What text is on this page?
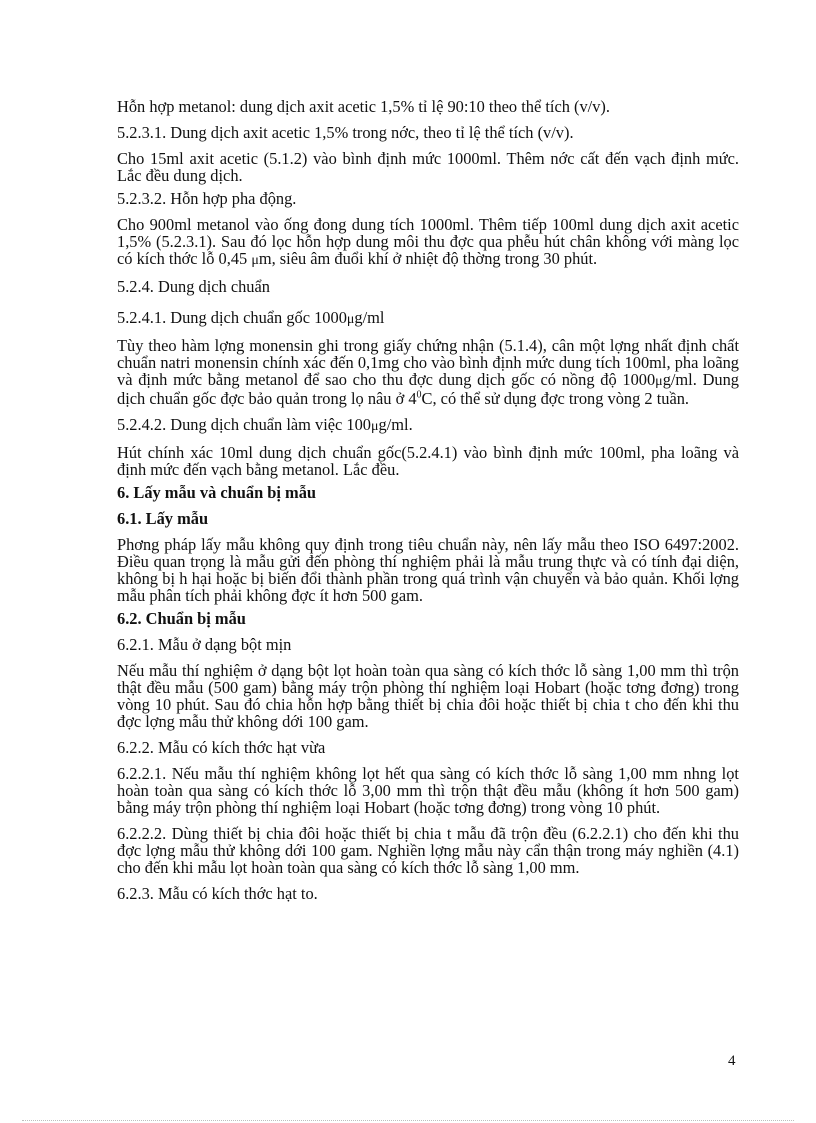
Hỗn hợp metanol: dung dịch axit acetic 1,5% tỉ lệ 90:10 theo thể tích (v/v).

5.2.3.1. Dung dịch axit acetic 1,5% trong nớc, theo tỉ lệ thể tích (v/v).

Cho 15ml axit acetic (5.1.2) vào bình định mức 1000ml. Thêm nớc cất đến vạch định mức. Lắc đều dung dịch.

5.2.3.2. Hỗn hợp pha động.

Cho 900ml metanol vào ống đong dung tích 1000ml. Thêm tiếp 100ml dung dịch axit acetic 1,5% (5.2.3.1). Sau đó lọc hỗn hợp dung môi thu đợc qua phễu hút chân không với màng lọc có kích thớc lỗ 0,45 μm, siêu âm đuổi khí ở nhiệt độ thờng trong 30 phút.

5.2.4. Dung dịch chuẩn

5.2.4.1. Dung dịch chuẩn gốc 1000μg/ml

Tùy theo hàm lợng monensin ghi trong giấy chứng nhận (5.1.4), cân một lợng nhất định chất chuẩn natri monensin chính xác đến 0,1mg cho vào bình định mức dung tích 100ml, pha loãng và định mức bằng metanol để sao cho thu đợc dung dịch gốc có nồng độ 1000μg/ml. Dung dịch chuẩn gốc đợc bảo quản trong lọ nâu ở $4^0C$, có thể sử dụng đợc trong vòng 2 tuần.

5.2.4.2. Dung dịch chuẩn làm việc 100μg/ml.

Hút chính xác 10ml dung dịch chuẩn gốc(5.2.4.1) vào bình định mức 100ml, pha loãng và định mức đến vạch bằng metanol. Lắc đều.

6. Lấy mẫu và chuẩn bị mẫu

6.1. Lấy mẫu

Phơng pháp lấy mẫu không quy định trong tiêu chuẩn này, nên lấy mẫu theo ISO 6497:2002. Điều quan trọng là mẫu gửi đến phòng thí nghiệm phải là mẫu trung thực và có tính đại diện, không bị h hại hoặc bị biến đổi thành phần trong quá trình vận chuyển và bảo quản. Khối lợng mẫu phân tích phải không đợc ít hơn 500 gam.

6.2. Chuẩn bị mẫu

6.2.1. Mẫu ở dạng bột mịn

Nếu mẫu thí nghiệm ở dạng bột lọt hoàn toàn qua sàng có kích thớc lỗ sàng 1,00 mm thì trộn thật đều mẫu (500 gam) bằng máy trộn phòng thí nghiệm loại Hobart (hoặc tơng đơng) trong vòng 10 phút. Sau đó chia hỗn hợp bằng thiết bị chia đôi hoặc thiết bị chia t cho đến khi thu đợc lợng mẫu thử không dới 100 gam.

6.2.2. Mẫu có kích thớc hạt vừa

6.2.2.1. Nếu mẫu thí nghiệm không lọt hết qua sàng có kích thớc lỗ sàng 1,00 mm nhng lọt hoàn toàn qua sàng có kích thớc lỗ 3,00 mm thì trộn thật đều mẫu (không ít hơn 500 gam) bằng máy trộn phòng thí nghiệm loại Hobart (hoặc tơng đơng) trong vòng 10 phút.

6.2.2.2. Dùng thiết bị chia đôi hoặc thiết bị chia t mẫu đã trộn đều (6.2.2.1) cho đến khi thu đợc lợng mẫu thử không dới 100 gam. Nghiền lợng mẫu này cẩn thận trong máy nghiền (4.1) cho đến khi mẫu lọt hoàn toàn qua sàng có kích thớc lỗ sàng 1,00 mm.

6.2.3. Mẫu có kích thớc hạt to.

4
